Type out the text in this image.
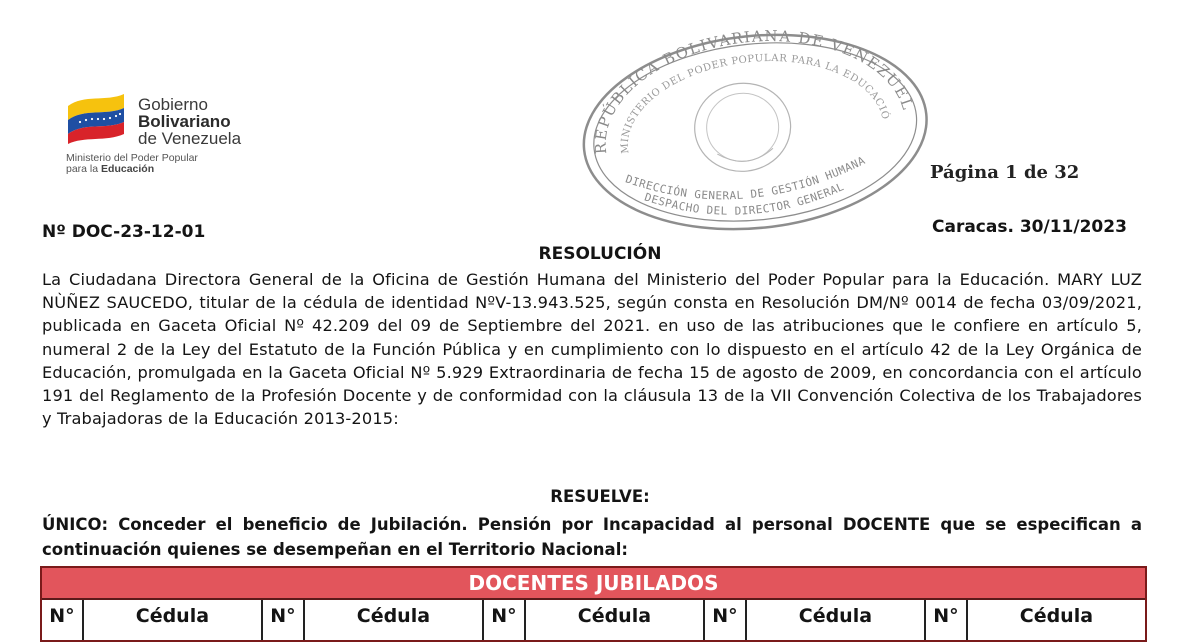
Gobierno
Bolivariano
de Venezuela
Ministerio del Poder Popular
para la Educación
REPÚBLICA BOLIVARIANA DE VENEZUELA
MINISTERIO DEL PODER POPULAR PARA LA EDUCACIÓN
DIRECCIÓN GENERAL DE GESTIÓN HUMANA
DESPACHO DEL DIRECTOR GENERAL
Página 1 de 32
Nº DOC-23-12-01	Caracas. 30/11/2023
RESOLUCIÓN
La Ciudadana Directora General de la Oficina de Gestión Humana del Ministerio del Poder Popular para la Educación. MARY LUZ NÙÑEZ SAUCEDO, titular de la cédula de identidad NºV-13.943.525, según consta en Resolución DM/Nº 0014 de fecha 03/09/2021, publicada en Gaceta Oficial Nº 42.209 del 09 de Septiembre del 2021. en uso de las atribuciones que le confiere en artículo 5, numeral 2 de la Ley del Estatuto de la Función Pública y en cumplimiento con lo dispuesto en el artículo 42 de la Ley Orgánica de Educación, promulgada en la Gaceta Oficial Nº 5.929 Extraordinaria de fecha 15 de agosto de 2009, en concordancia con el artículo 191 del Reglamento de la Profesión Docente y de conformidad con la cláusula 13 de la VII Convención Colectiva de los Trabajadores y Trabajadoras de la Educación 2013-2015:
RESUELVE:
ÚNICO: Conceder el beneficio de Jubilación. Pensión por Incapacidad al personal DOCENTE que se especifican a continuación quienes se desempeñan en el Territorio Nacional:
DOCENTES JUBILADOS
N°	Cédula	N°	Cédula	N°	Cédula	N°	Cédula	N°	Cédula
